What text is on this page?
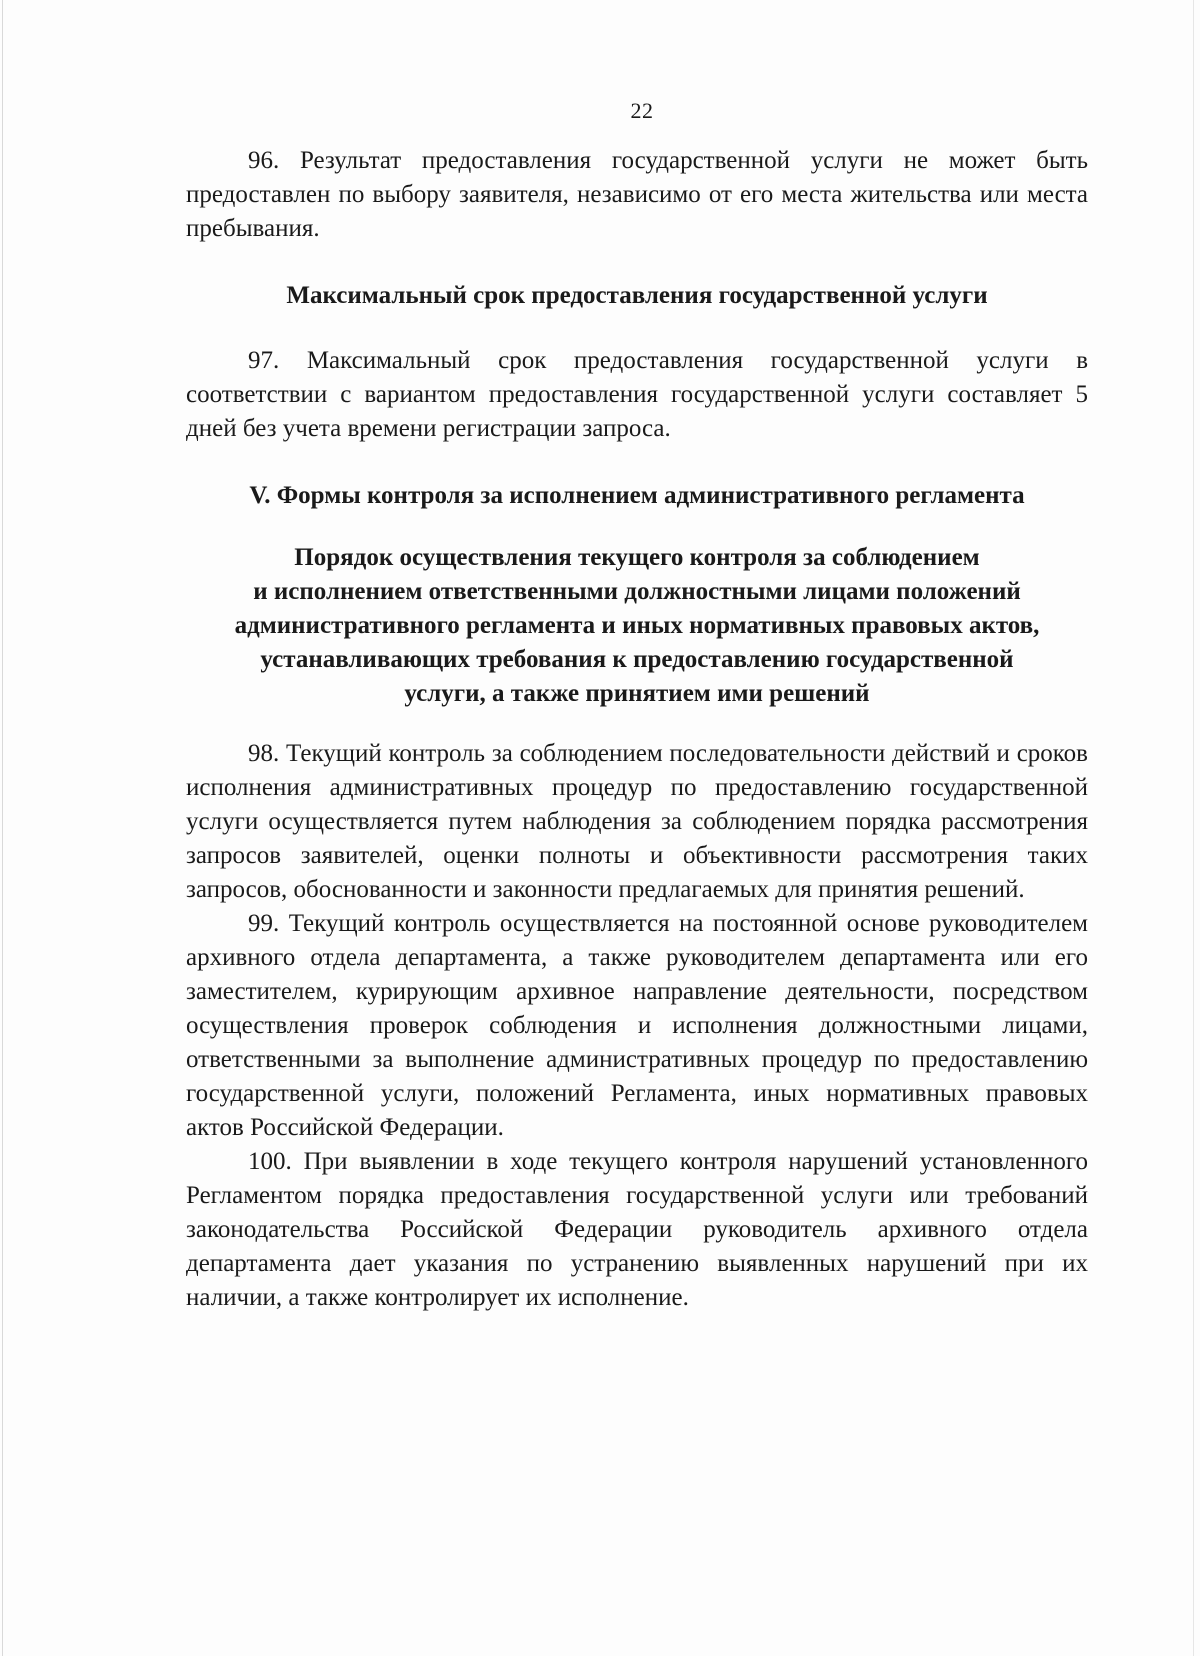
22

96. Результат предоставления государственной услуги не может быть предоставлен по выбору заявителя, независимо от его места жительства или места пребывания.

Максимальный срок предоставления государственной услуги

97. Максимальный срок предоставления государственной услуги в соответствии с вариантом предоставления государственной услуги составляет 5 дней без учета времени регистрации запроса.

V. Формы контроля за исполнением административного регламента
Порядок осуществления текущего контроля за соблюдением
и исполнением ответственными должностными лицами положений
административного регламента и иных нормативных правовых актов,
устанавливающих требования к предоставлению государственной
услуги, а также принятием ими решений

98. Текущий контроль за соблюдением последовательности действий и сроков исполнения административных процедур по предоставлению государственной услуги осуществляется путем наблюдения за соблюдением порядка рассмотрения запросов заявителей, оценки полноты и объективности рассмотрения таких запросов, обоснованности и законности предлагаемых для принятия решений.

99. Текущий контроль осуществляется на постоянной основе руководителем архивного отдела департамента, а также руководителем департамента или его заместителем, курирующим архивное направление деятельности, посредством осуществления проверок соблюдения и исполнения должностными лицами, ответственными за выполнение административных процедур по предоставлению государственной услуги, положений Регламента, иных нормативных правовых актов Российской Федерации.

100. При выявлении в ходе текущего контроля нарушений установленного Регламентом порядка предоставления государственной услуги или требований законодательства Российской Федерации руководитель архивного отдела департамента дает указания по устранению выявленных нарушений при их наличии, а также контролирует их исполнение.
